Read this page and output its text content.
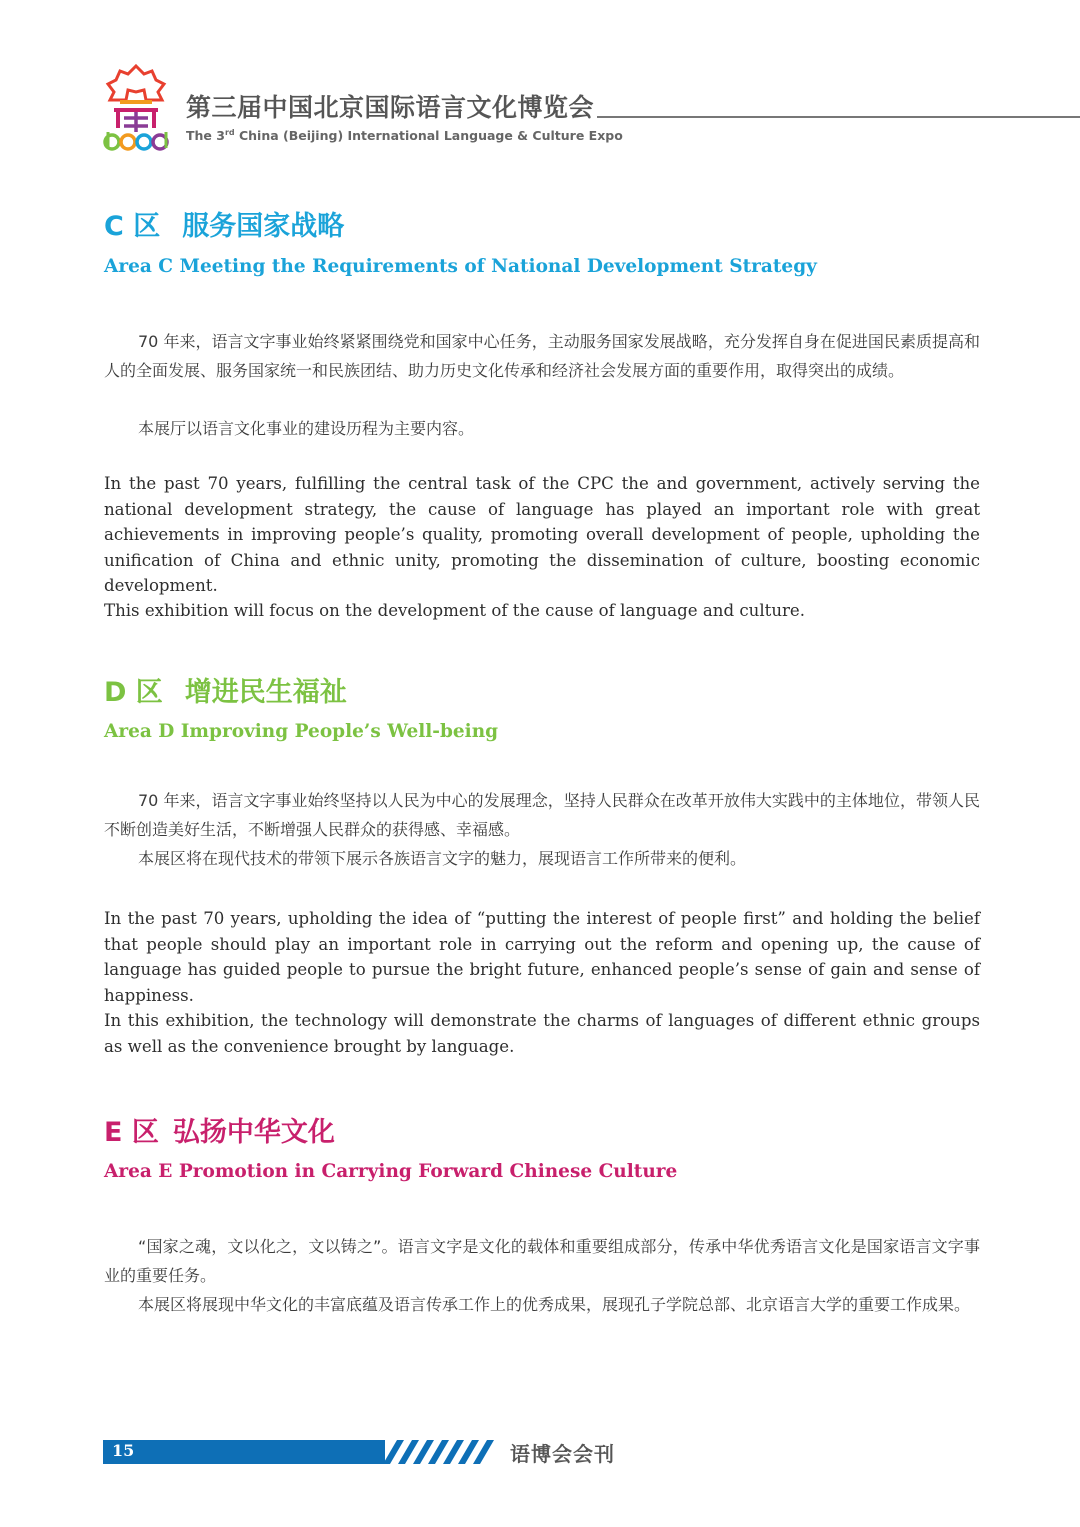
第三届中国北京国际语言文化博览会
The 3rd China (Beijing) International Language & Culture Expo
C 区 服务国家战略

Area C Meeting the Requirements of National Development Strategy

70 年来，语言文字事业始终紧紧围绕党和国家中心任务，主动服务国家发展战略，充分发挥自身在促进国民素质提高和人的全面发展、服务国家统一和民族团结、助力历史文化传承和经济社会发展方面的重要作用，取得突出的成绩。

本展厅以语言文化事业的建设历程为主要内容。

In the past 70 years, fulfilling the central task of the CPC the and government, actively serving the national development strategy, the cause of language has played an important role with great achievements in improving people’s quality, promoting overall development of people, upholding the unification of China and ethnic unity, promoting the dissemination of culture, boosting economic development.

This exhibition will focus on the development of the cause of language and culture.

D 区 增进民生福祉

Area D Improving People’s Well-being

70 年来，语言文字事业始终坚持以人民为中心的发展理念，坚持人民群众在改革开放伟大实践中的主体地位，带领人民不断创造美好生活，不断增强人民群众的获得感、幸福感。

本展区将在现代技术的带领下展示各族语言文字的魅力，展现语言工作所带来的便利。

In the past 70 years, upholding the idea of “putting the interest of people first” and holding the belief that people should play an important role in carrying out the reform and opening up, the cause of language has guided people to pursue the bright future, enhanced people’s sense of gain and sense of happiness.

In this exhibition, the technology will demonstrate the charms of languages of different ethnic groups as well as the convenience brought by language.

E 区 弘扬中华文化

Area E Promotion in Carrying Forward Chinese Culture

“国家之魂，文以化之，文以铸之”。语言文字是文化的载体和重要组成部分，传承中华优秀语言文化是国家语言文字事业的重要任务。

本展区将展现中华文化的丰富底蕴及语言传承工作上的优秀成果，展现孔子学院总部、北京语言大学的重要工作成果。

15	语博会会刊
